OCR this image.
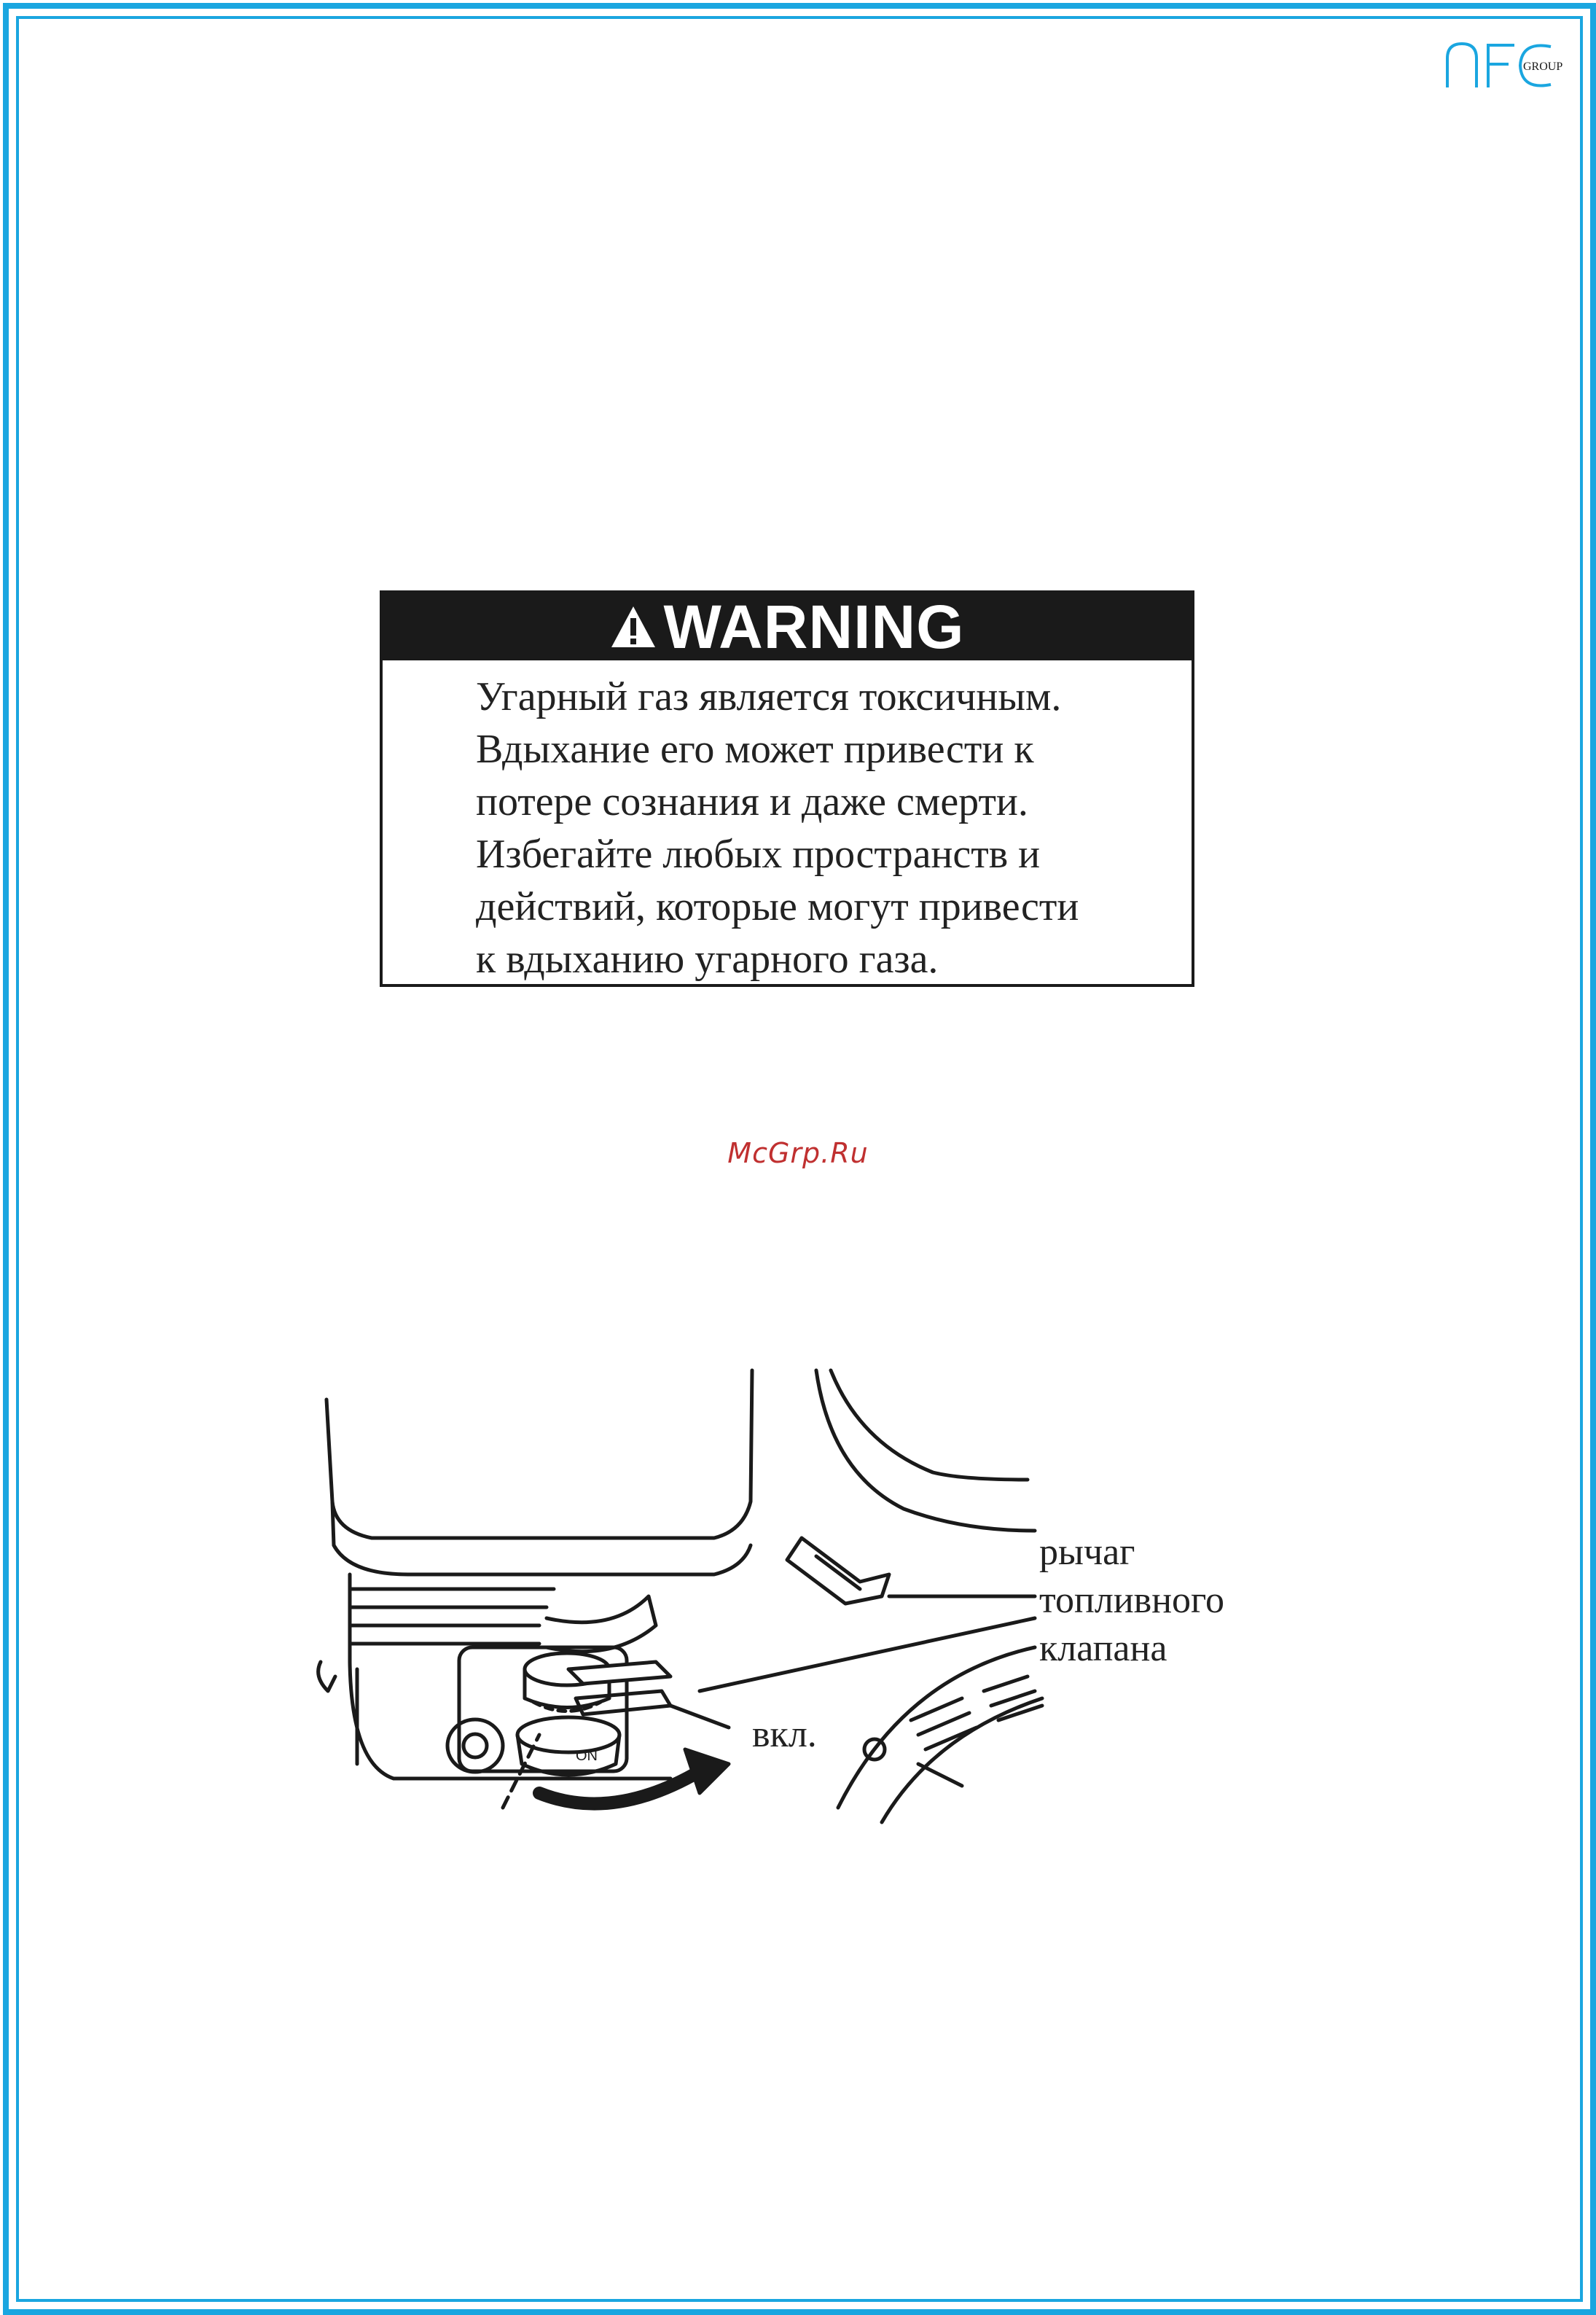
GROUP
WARNING
Угарный газ является токсичным.
Вдыхание его может привести к
потере сознания и даже смерти.
Избегайте любых пространств и
действий, которые могут привести
к вдыханию угарного газа.
McGrp.Ru
ON
рычаг
топливного
клапана
вкл.
